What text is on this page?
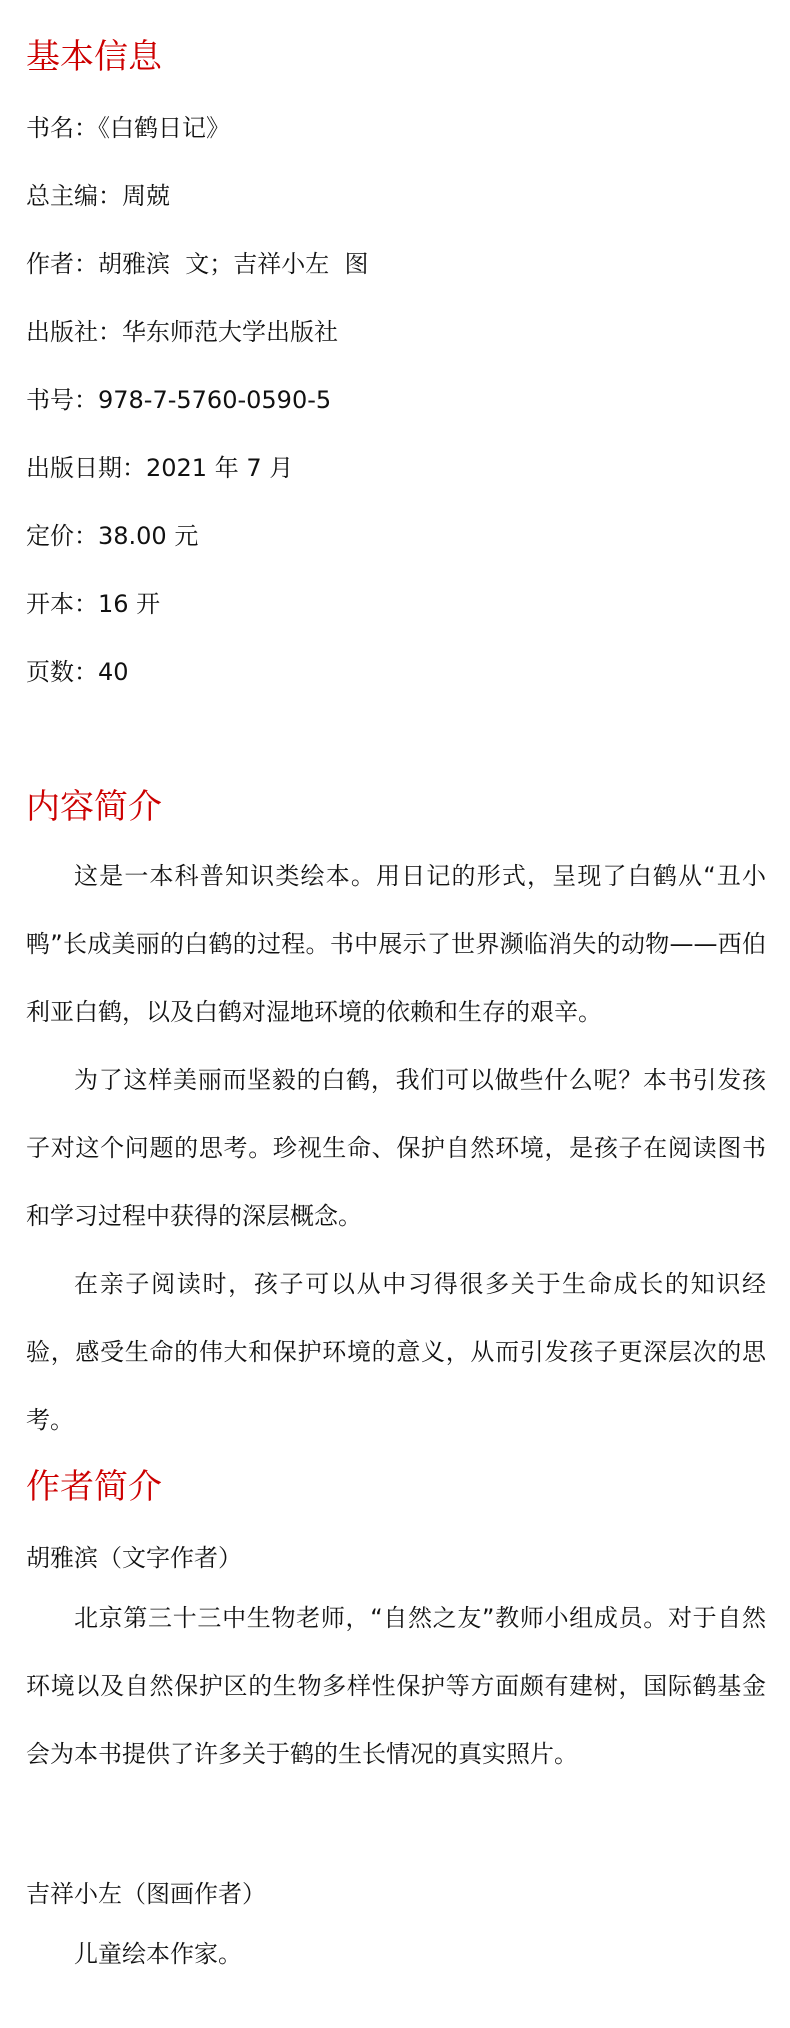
基本信息

书名：《白鹤日记》

总主编：周兢

作者：胡雅滨  文；吉祥小左  图

出版社：华东师范大学出版社

书号：978-7-5760-0590-5

出版日期：2021 年 7 月

定价：38.00 元

开本：16 开

页数：40

内容简介

这是一本科普知识类绘本。用日记的形式，呈现了白鹤从“丑小鸭”长成美丽的白鹤的过程。书中展示了世界濒临消失的动物——西伯利亚白鹤，以及白鹤对湿地环境的依赖和生存的艰辛。

为了这样美丽而坚毅的白鹤，我们可以做些什么呢？本书引发孩子对这个问题的思考。珍视生命、保护自然环境，是孩子在阅读图书和学习过程中获得的深层概念。

在亲子阅读时，孩子可以从中习得很多关于生命成长的知识经验，感受生命的伟大和保护环境的意义，从而引发孩子更深层次的思考。

作者简介

胡雅滨（文字作者）

北京第三十三中生物老师，“自然之友”教师小组成员。对于自然环境以及自然保护区的生物多样性保护等方面颇有建树，国际鹤基金会为本书提供了许多关于鹤的生长情况的真实照片。

吉祥小左（图画作者）

儿童绘本作家。
